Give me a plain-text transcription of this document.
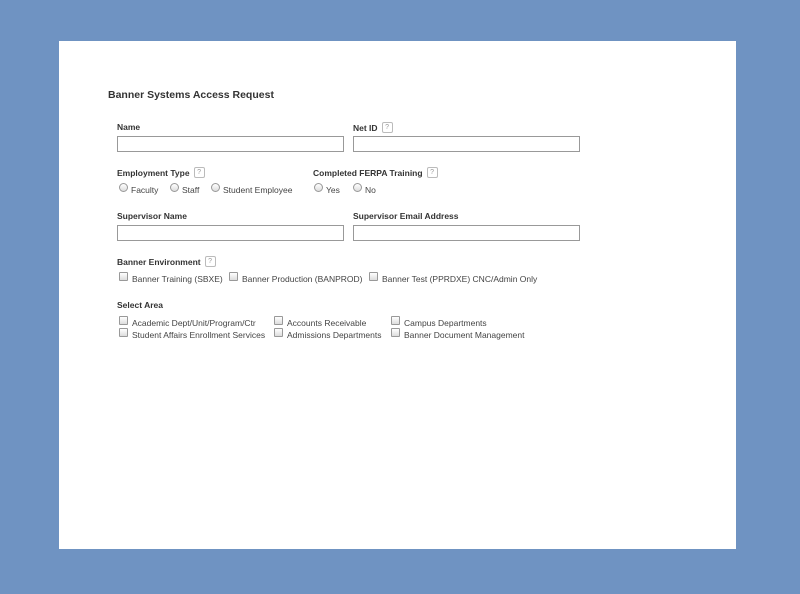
Banner Systems Access Request
Name	Net ID	?
Employment Type	?
Faculty	Staff	Student Employee
Completed FERPA Training	?
Yes	No
Supervisor Name	Supervisor Email Address
Banner Environment	?
Banner Training (SBXE) Banner Production (BANPROD) Banner Test (PPRDXE) CNC/Admin Only
Select Area
Academic Dept/Unit/Program/Ctr	Accounts Receivable	Campus Departments
Student Affairs Enrollment Services	Admissions Departments	Banner Document Management
